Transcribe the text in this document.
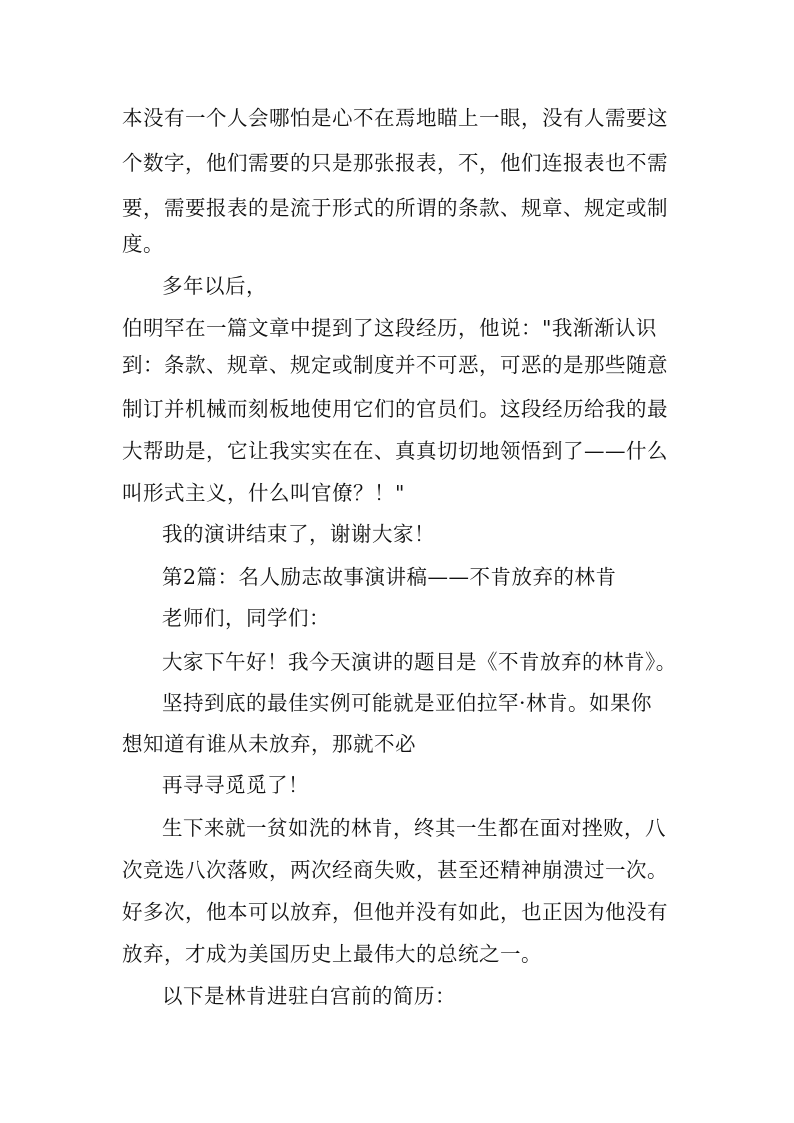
本没有一个人会哪怕是心不在焉地瞄上一眼，没有人需要这
个数字，他们需要的只是那张报表，不，他们连报表也不需
要，需要报表的是流于形式的所谓的条款、规章、规定或制
度。
多年以后，
伯明罕在一篇文章中提到了这段经历，他说："我渐渐认识
到：条款、规章、规定或制度并不可恶，可恶的是那些随意
制订并机械而刻板地使用它们的官员们。这段经历给我的最
大帮助是，它让我实实在在、真真切切地领悟到了——什么
叫形式主义，什么叫官僚？！"
我的演讲结束了，谢谢大家！
第2篇：名人励志故事演讲稿——不肯放弃的林肯
老师们，同学们：
大家下午好！我今天演讲的题目是《不肯放弃的林肯》。
坚持到底的最佳实例可能就是亚伯拉罕·林肯。如果你
想知道有谁从未放弃，那就不必
再寻寻觅觅了！
生下来就一贫如洗的林肯，终其一生都在面对挫败，八
次竞选八次落败，两次经商失败，甚至还精神崩溃过一次。
好多次，他本可以放弃，但他并没有如此，也正因为他没有
放弃，才成为美国历史上最伟大的总统之一。
以下是林肯进驻白宫前的简历：
